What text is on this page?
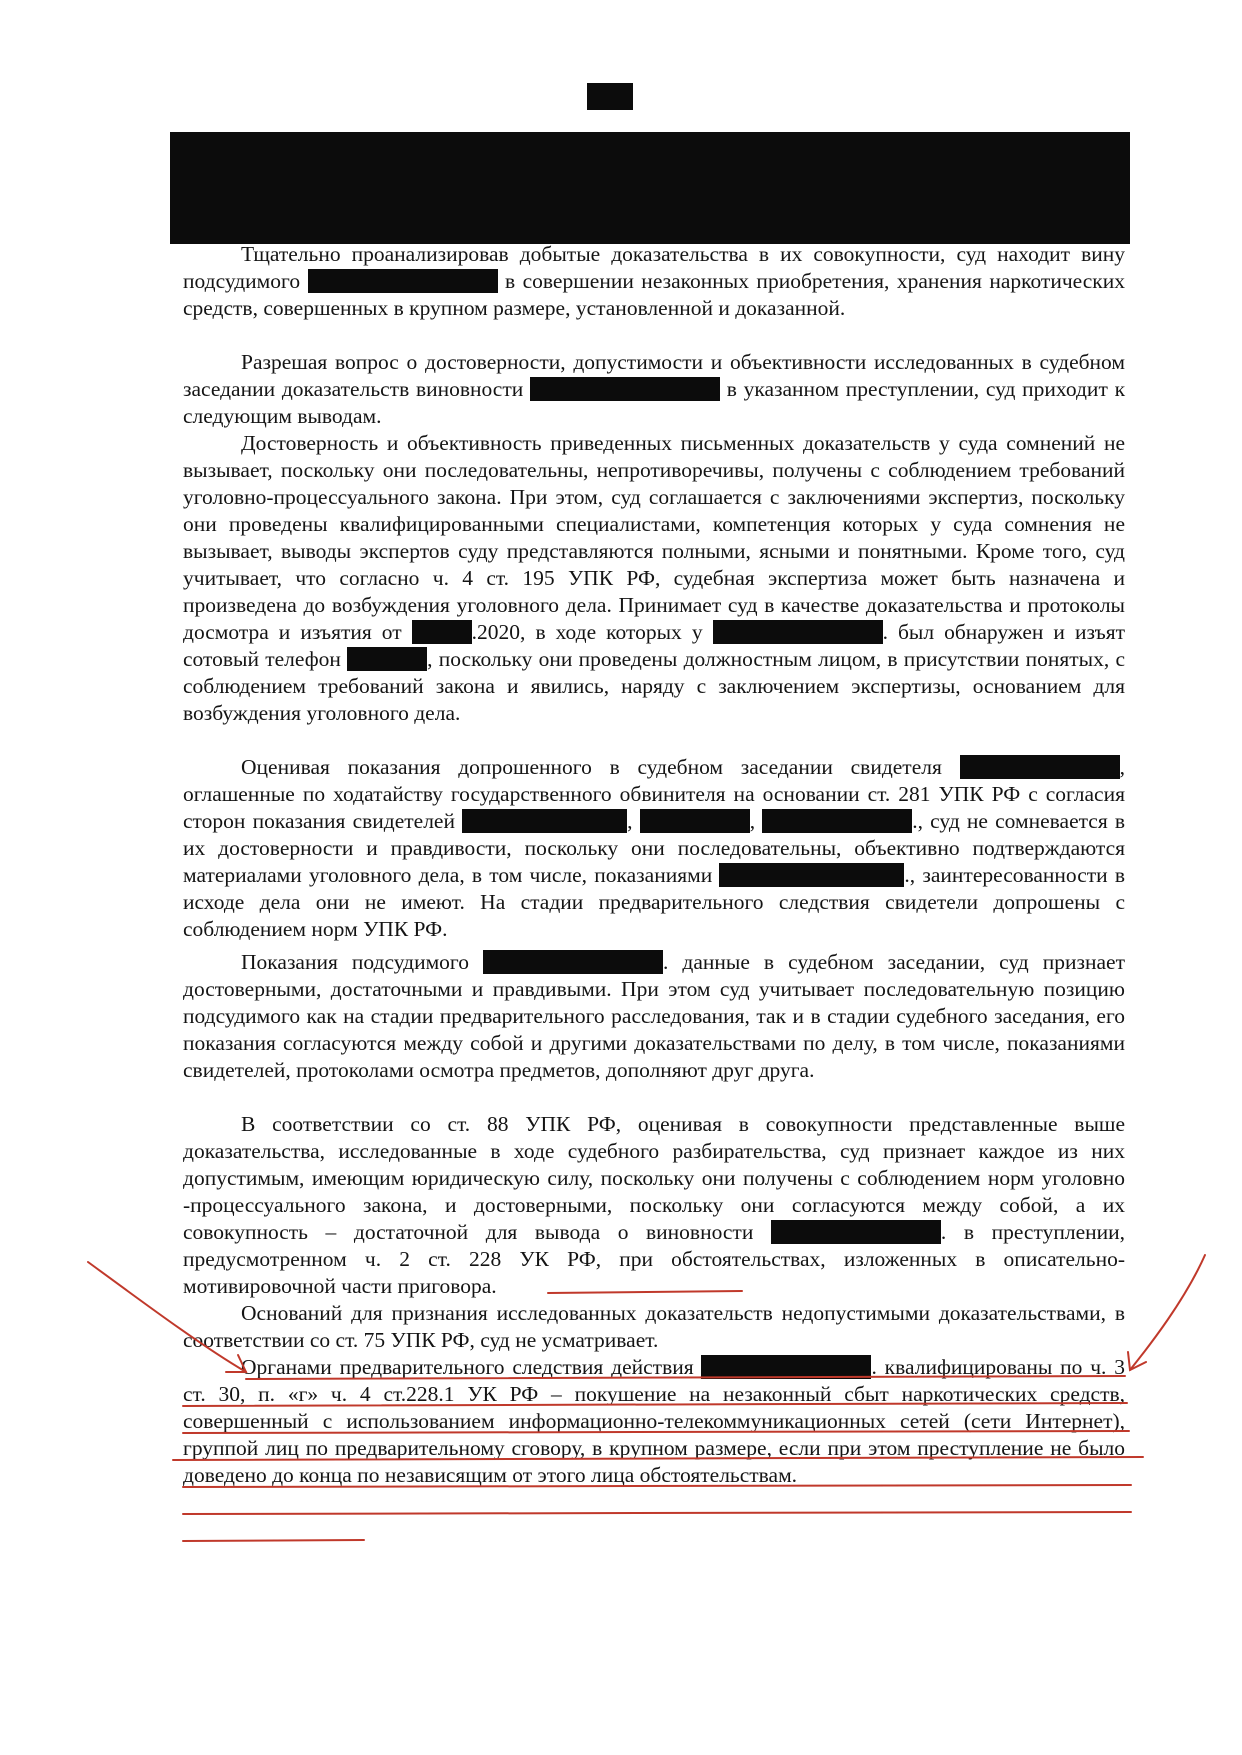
Тщательно проанализировав добытые доказательства в их совокупности, суд находит вину подсудимого	в совершении незаконных приобретения, хранения наркотических средств, совершенных в крупном размере, установленной и доказанной.
Разрешая вопрос о достоверности, допустимости и объективности исследованных в судебном заседании доказательств виновности	в указанном преступлении, суд приходит к следующим выводам.
Достоверность и объективность приведенных письменных доказательств у суда сомнений не вызывает, поскольку они последовательны, непротиворечивы, получены с соблюдением требований уголовно-процессуального закона. При этом, суд соглашается с заключениями экспертиз, поскольку они проведены квалифицированными специалистами, компетенция которых у суда сомнения не вызывает, выводы экспертов суду представляются полными, ясными и понятными. Кроме того, суд учитывает, что согласно ч. 4 ст. 195 УПК РФ, судебная экспертиза может быть назначена и произведена до возбуждения уголовного дела. Принимает суд в качестве доказательства и протоколы досмотра и изъятия от	.2020, в ходе которых у	. был обнаружен и изъят сотовый телефон	, поскольку они проведены должностным лицом, в присутствии понятых, с соблюдением требований закона и явились, наряду с заключением экспертизы, основанием для возбуждения уголовного дела.
Оценивая показания допрошенного в судебном заседании свидетеля	, оглашенные по ходатайству государственного обвинителя на основании ст. 281 УПК РФ с согласия сторон показания свидетелей	,	,	., суд не сомневается в их достоверности и правдивости, поскольку они последовательны, объективно подтверждаются материалами уголовного дела, в том числе, показаниями	., заинтересованности в исходе дела они не имеют. На стадии предварительного следствия свидетели допрошены с соблюдением норм УПК РФ.
Показания подсудимого	. данные в судебном заседании, суд признает достоверными, достаточными и правдивыми. При этом суд учитывает последовательную позицию подсудимого как на стадии предварительного расследования, так и в стадии судебного заседания, его показания согласуются между собой и другими доказательствами по делу, в том числе, показаниями свидетелей, протоколами осмотра предметов, дополняют друг друга.
В соответствии со ст. 88 УПК РФ, оценивая в совокупности представленные выше доказательства, исследованные в ходе судебного разбирательства, суд признает каждое из них допустимым, имеющим юридическую силу, поскольку они получены с соблюдением норм уголовно -процессуального закона, и достоверными, поскольку они согласуются между собой, а их совокупность – достаточной для вывода о виновности	. в преступлении, предусмотренном ч. 2 ст. 228 УК РФ, при обстоятельствах, изложенных в описательно-мотивировочной части приговора.
Оснований для признания исследованных доказательств недопустимыми доказательствами, в соответствии со ст. 75 УПК РФ, суд не усматривает.
Органами предварительного следствия действия	. квалифицированы по ч. 3 ст. 30, п. «г» ч. 4 ст.228.1 УК РФ – покушение на незаконный сбыт наркотических средств, совершенный с использованием информационно-телекоммуникационных сетей (сети Интернет), группой лиц по предварительному сговору, в крупном размере, если при этом преступление не было доведено до конца по независящим от этого лица обстоятельствам.
